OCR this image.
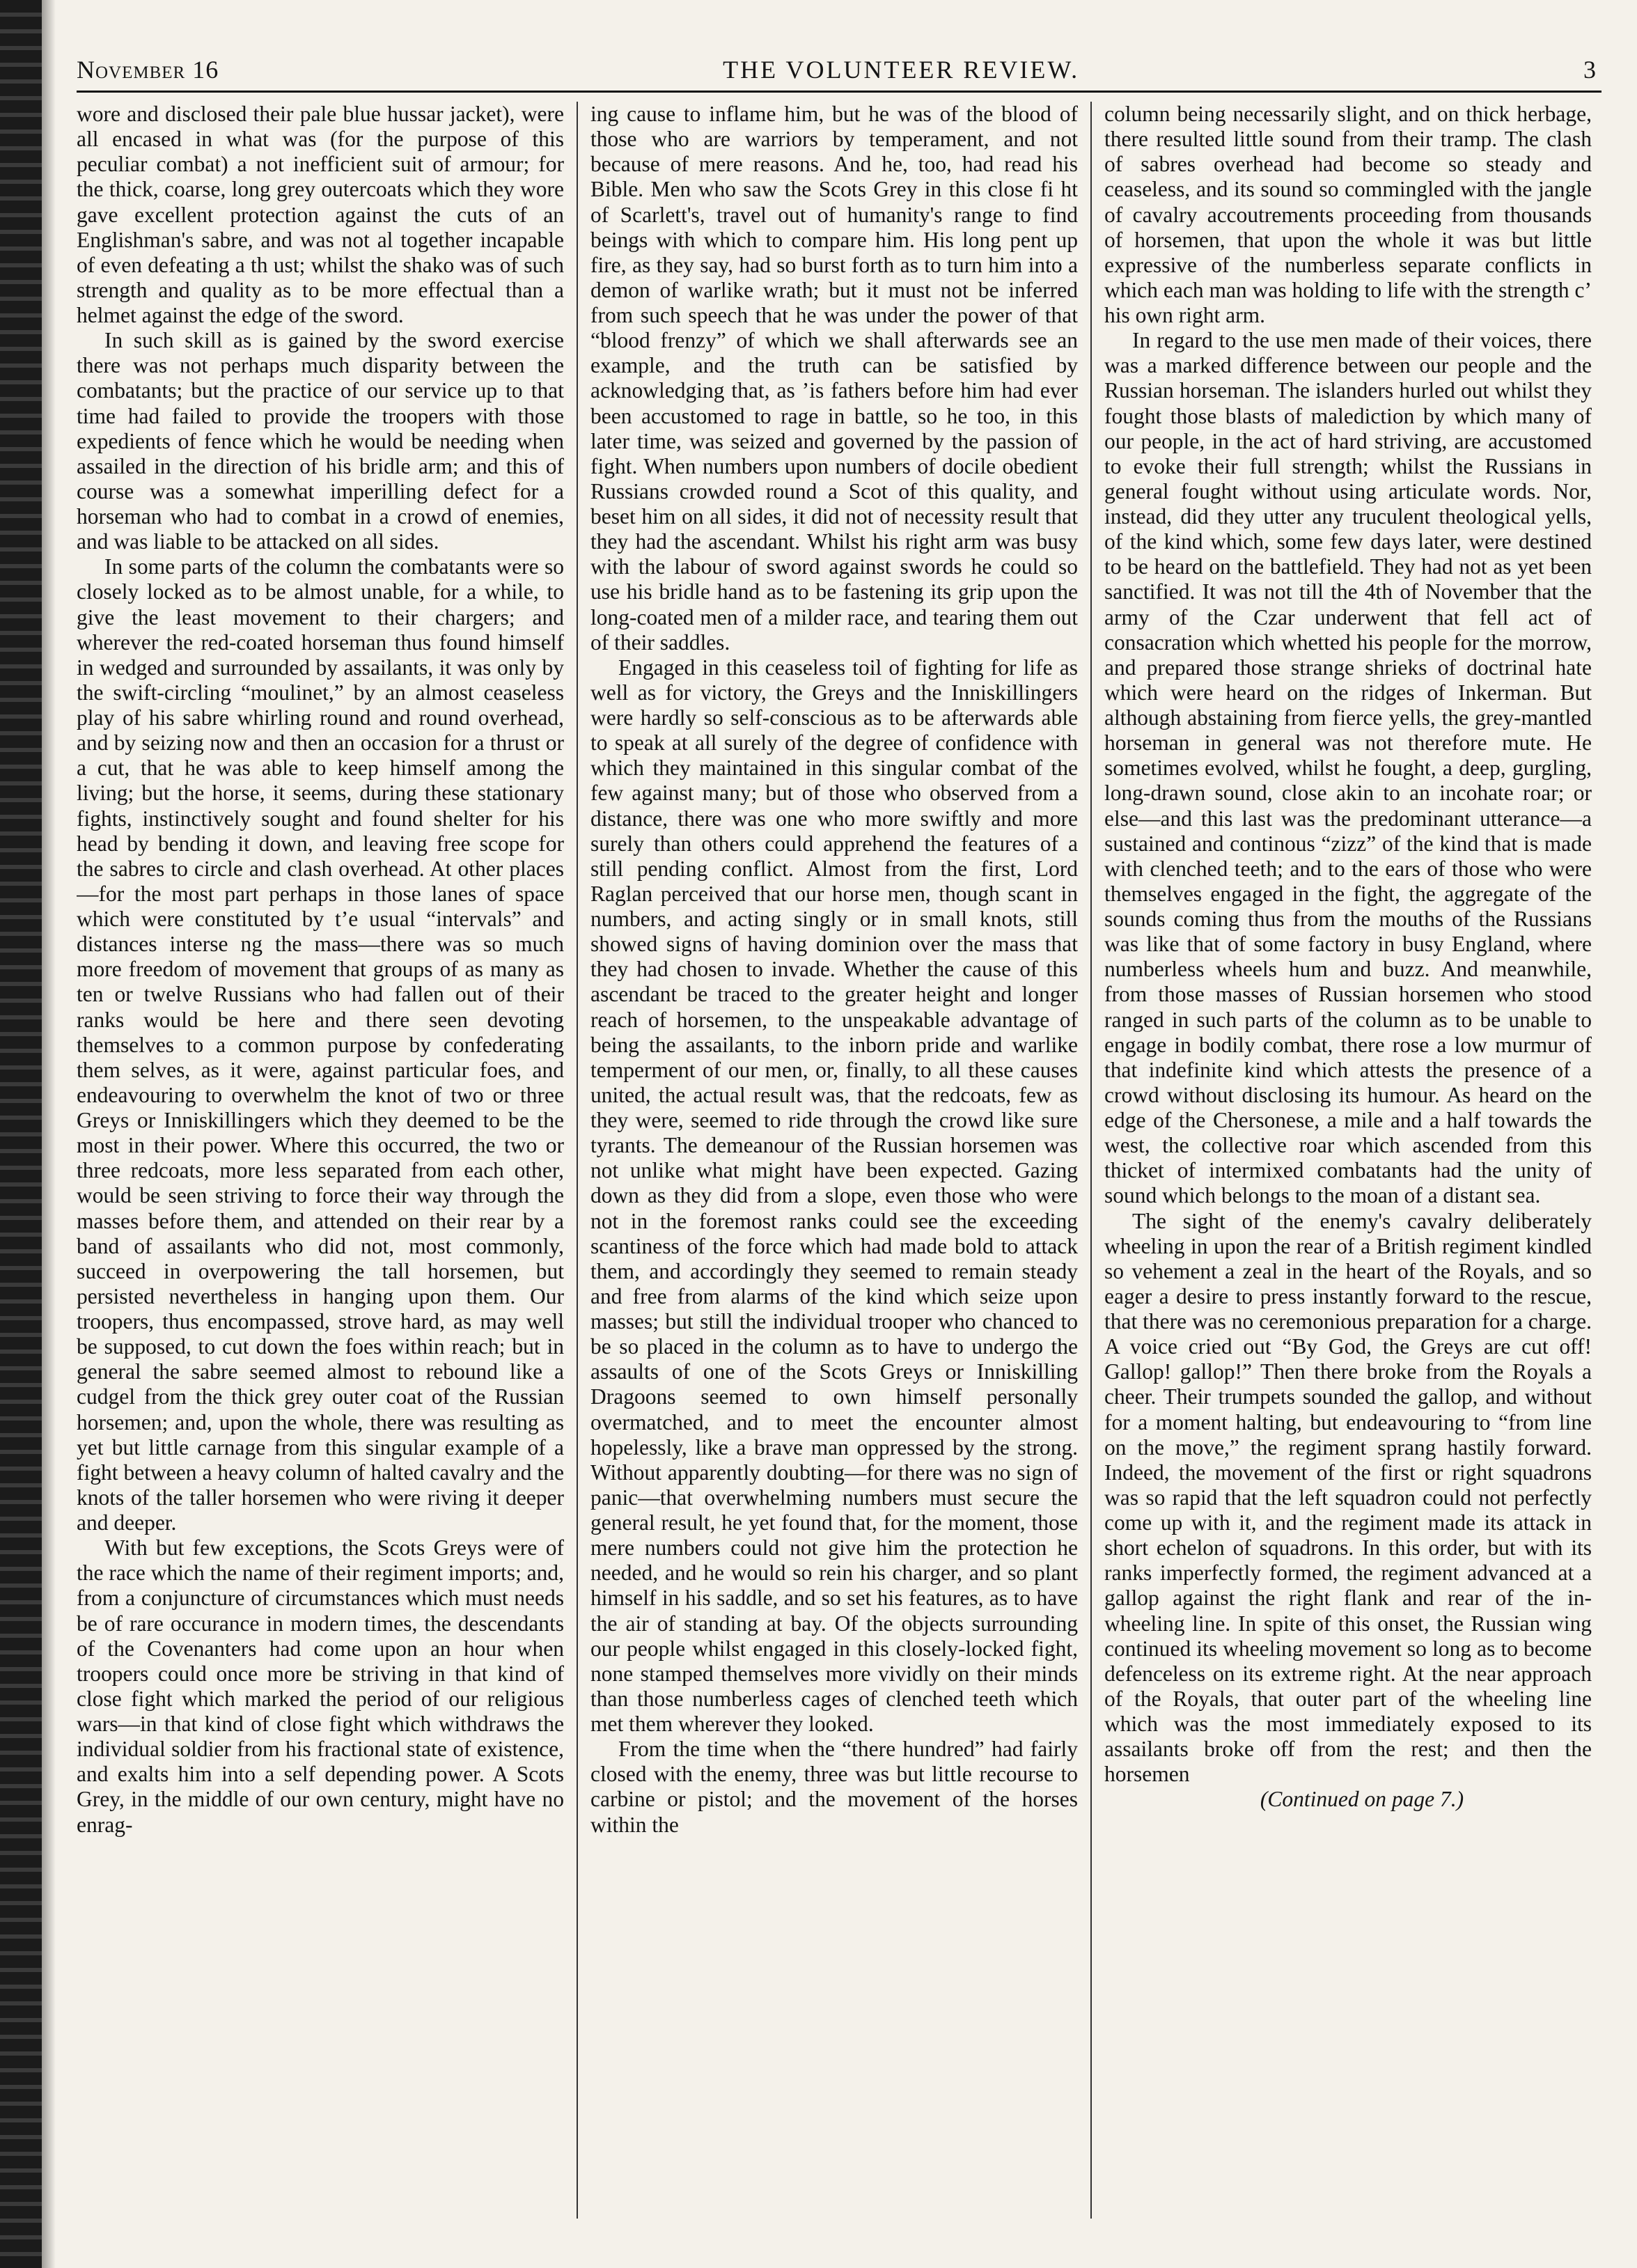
November 16	THE VOLUNTEER REVIEW.	3

wore and disclosed their pale blue hussar jacket), were all encased in what was (for the purpose of this peculiar combat) a not inefficient suit of armour; for the thick, coarse, long grey outercoats which they wore gave excellent protection against the cuts of an Englishman's sabre, and was not al together incapable of even defeating a th ust; whilst the shako was of such strength and quality as to be more effectual than a helmet against the edge of the sword.

In such skill as is gained by the sword exercise there was not perhaps much disparity between the combatants; but the practice of our service up to that time had failed to provide the troopers with those expedients of fence which he would be needing when assailed in the direction of his bridle arm; and this of course was a somewhat imperilling defect for a horseman who had to combat in a crowd of enemies, and was liable to be attacked on all sides.

In some parts of the column the combatants were so closely locked as to be almost unable, for a while, to give the least movement to their chargers; and wherever the red-coated horseman thus found himself in wedged and surrounded by assailants, it was only by the swift-circling “moulinet,” by an almost ceaseless play of his sabre whirling round and round overhead, and by seizing now and then an occasion for a thrust or a cut, that he was able to keep himself among the living; but the horse, it seems, during these stationary fights, instinctively sought and found shelter for his head by bending it down, and leaving free scope for the sabres to circle and clash overhead. At other places—for the most part perhaps in those lanes of space which were constituted by tʼe usual “intervals” and distances interse ng the mass—there was so much more freedom of movement that groups of as many as ten or twelve Russians who had fallen out of their ranks would be here and there seen devoting themselves to a common purpose by confederating them selves, as it were, against particular foes, and endeavouring to overwhelm the knot of two or three Greys or Inniskillingers which they deemed to be the most in their power. Where this occurred, the two or three redcoats, more less separated from each other, would be seen striving to force their way through the masses before them, and attended on their rear by a band of assailants who did not, most commonly, succeed in overpowering the tall horsemen, but persisted nevertheless in hanging upon them. Our troopers, thus encompassed, strove hard, as may well be supposed, to cut down the foes within reach; but in general the sabre seemed almost to rebound like a cudgel from the thick grey outer coat of the Russian horsemen; and, upon the whole, there was resulting as yet but little carnage from this singular example of a fight between a heavy column of halted cavalry and the knots of the taller horsemen who were riving it deeper and deeper.

With but few exceptions, the Scots Greys were of the race which the name of their regiment imports; and, from a conjuncture of circumstances which must needs be of rare occurance in modern times, the descendants of the Covenanters had come upon an hour when troopers could once more be striving in that kind of close fight which marked the period of our religious wars—in that kind of close fight which withdraws the individual soldier from his fractional state of existence, and exalts him into a self depending power. A Scots Grey, in the middle of our own century, might have no enrag-

ing cause to inflame him, but he was of the blood of those who are warriors by temperament, and not because of mere reasons. And he, too, had read his Bible. Men who saw the Scots Grey in this close fi ht of Scarlett's, travel out of humanity's range to find beings with which to compare him. His long pent up fire, as they say, had so burst forth as to turn him into a demon of warlike wrath; but it must not be inferred from such speech that he was under the power of that “blood frenzy” of which we shall afterwards see an example, and the truth can be satisfied by acknowledging that, as ʼis fathers before him had ever been accustomed to rage in battle, so he too, in this later time, was seized and governed by the passion of fight. When numbers upon numbers of docile obedient Russians crowded round a Scot of this quality, and beset him on all sides, it did not of necessity result that they had the ascendant. Whilst his right arm was busy with the labour of sword against swords he could so use his bridle hand as to be fastening its grip upon the long-coated men of a milder race, and tearing them out of their saddles.

Engaged in this ceaseless toil of fighting for life as well as for victory, the Greys and the Inniskillingers were hardly so self-conscious as to be afterwards able to speak at all surely of the degree of confidence with which they maintained in this singular combat of the few against many; but of those who observed from a distance, there was one who more swiftly and more surely than others could apprehend the features of a still pending conflict. Almost from the first, Lord Raglan perceived that our horse men, though scant in numbers, and acting singly or in small knots, still showed signs of having dominion over the mass that they had chosen to invade. Whether the cause of this ascendant be traced to the greater height and longer reach of horsemen, to the unspeakable advantage of being the assailants, to the inborn pride and warlike temperment of our men, or, finally, to all these causes united, the actual result was, that the redcoats, few as they were, seemed to ride through the crowd like sure tyrants. The demeanour of the Russian horsemen was not unlike what might have been expected. Gazing down as they did from a slope, even those who were not in the foremost ranks could see the exceeding scantiness of the force which had made bold to attack them, and accordingly they seemed to remain steady and free from alarms of the kind which seize upon masses; but still the individual trooper who chanced to be so placed in the column as to have to undergo the assaults of one of the Scots Greys or Inniskilling Dragoons seemed to own himself personally overmatched, and to meet the encounter almost hopelessly, like a brave man oppressed by the strong. Without apparently doubting—for there was no sign of panic—that overwhelming numbers must secure the general result, he yet found that, for the moment, those mere numbers could not give him the protection he needed, and he would so rein his charger, and so plant himself in his saddle, and so set his features, as to have the air of standing at bay. Of the objects surrounding our people whilst engaged in this closely-locked fight, none stamped themselves more vividly on their minds than those numberless cages of clenched teeth which met them wherever they looked.

From the time when the “there hundred” had fairly closed with the enemy, three was but little recourse to carbine or pistol; and the movement of the horses within the

column being necessarily slight, and on thick herbage, there resulted little sound from their tramp. The clash of sabres overhead had become so steady and ceaseless, and its sound so commingled with the jangle of cavalry accoutrements proceeding from thousands of horsemen, that upon the whole it was but little expressive of the numberless separate conflicts in which each man was holding to life with the strength cʼ his own right arm.

In regard to the use men made of their voices, there was a marked difference between our people and the Russian horseman. The islanders hurled out whilst they fought those blasts of malediction by which many of our people, in the act of hard striving, are accustomed to evoke their full strength; whilst the Russians in general fought without using articulate words. Nor, instead, did they utter any truculent theological yells, of the kind which, some few days later, were destined to be heard on the battlefield. They had not as yet been sanctified. It was not till the 4th of November that the army of the Czar underwent that fell act of consacration which whetted his people for the morrow, and prepared those strange shrieks of doctrinal hate which were heard on the ridges of Inkerman. But although abstaining from fierce yells, the grey-mantled horseman in general was not therefore mute. He sometimes evolved, whilst he fought, a deep, gurgling, long-drawn sound, close akin to an incohate roar; or else—and this last was the predominant utterance—a sustained and continous “zizz” of the kind that is made with clenched teeth; and to the ears of those who were themselves engaged in the fight, the aggregate of the sounds coming thus from the mouths of the Russians was like that of some factory in busy England, where numberless wheels hum and buzz. And meanwhile, from those masses of Russian horsemen who stood ranged in such parts of the column as to be unable to engage in bodily combat, there rose a low murmur of that indefinite kind which attests the presence of a crowd without disclosing its humour. As heard on the edge of the Chersonese, a mile and a half towards the west, the collective roar which ascended from this thicket of intermixed combatants had the unity of sound which belongs to the moan of a distant sea.

The sight of the enemy's cavalry deliberately wheeling in upon the rear of a British regiment kindled so vehement a zeal in the heart of the Royals, and so eager a desire to press instantly forward to the rescue, that there was no ceremonious preparation for a charge. A voice cried out “By God, the Greys are cut off! Gallop! gallop!” Then there broke from the Royals a cheer. Their trumpets sounded the gallop, and without for a moment halting, but endeavouring to “from line on the move,” the regiment sprang hastily forward. Indeed, the movement of the first or right squadrons was so rapid that the left squadron could not perfectly come up with it, and the regiment made its attack in short echelon of squadrons. In this order, but with its ranks imperfectly formed, the regiment advanced at a gallop against the right flank and rear of the in-wheeling line. In spite of this onset, the Russian wing continued its wheeling movement so long as to become defenceless on its extreme right. At the near approach of the Royals, that outer part of the wheeling line which was the most immediately exposed to its assailants broke off from the rest; and then the horsemen

(Continued on page 7.)
